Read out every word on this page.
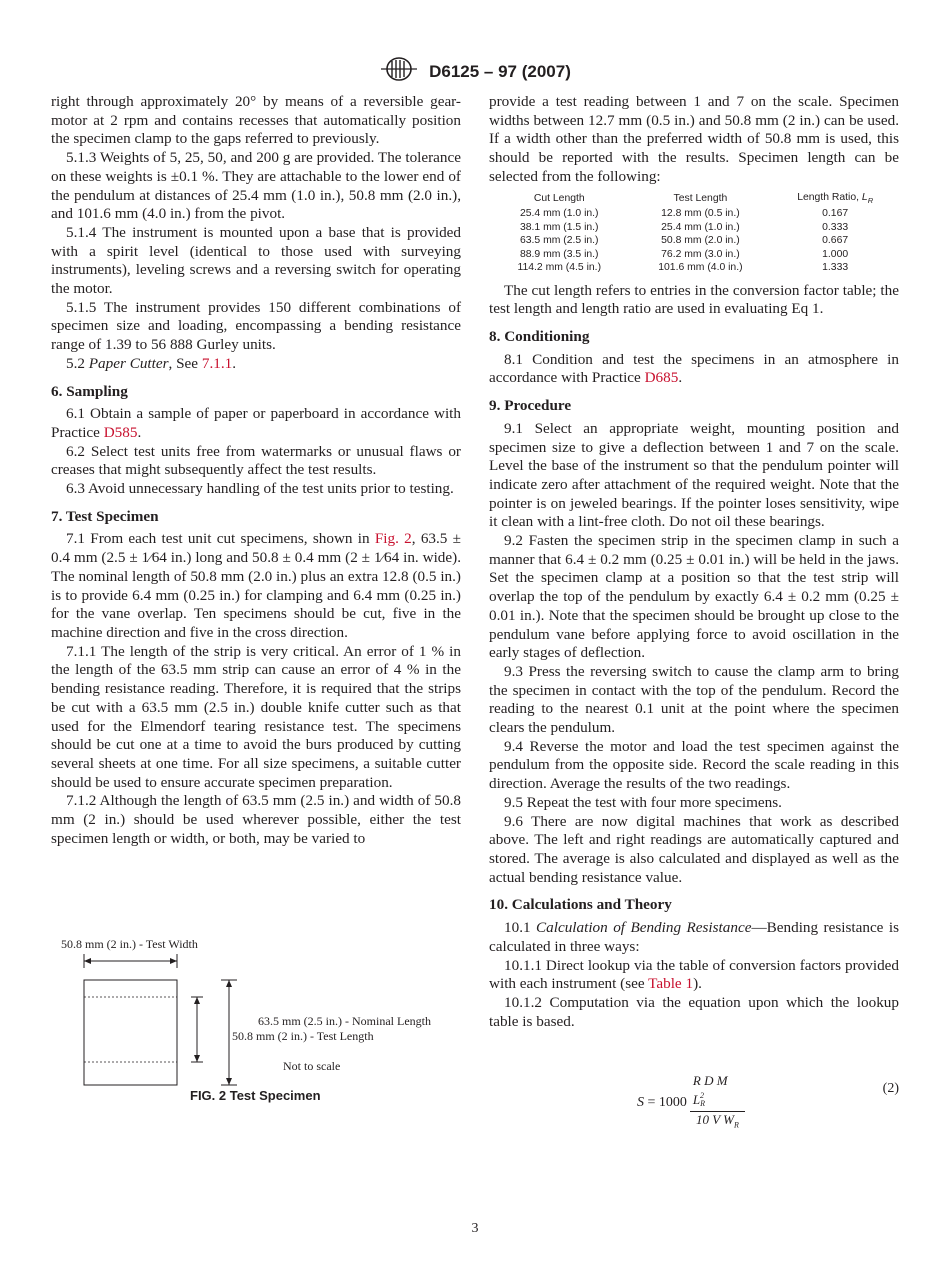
D6125 – 97 (2007)

right through approximately 20° by means of a reversible gear-motor at 2 rpm and contains recesses that automatically position the specimen clamp to the gaps referred to previously.

5.1.3 Weights of 5, 25, 50, and 200 g are provided. The tolerance on these weights is ±0.1 %. They are attachable to the lower end of the pendulum at distances of 25.4 mm (1.0 in.), 50.8 mm (2.0 in.), and 101.6 mm (4.0 in.) from the pivot.

5.1.4 The instrument is mounted upon a base that is provided with a spirit level (identical to those used with surveying instruments), leveling screws and a reversing switch for operating the motor.

5.1.5 The instrument provides 150 different combinations of specimen size and loading, encompassing a bending resistance range of 1.39 to 56 888 Gurley units.

5.2 Paper Cutter, See 7.1.1.

6. Sampling

6.1 Obtain a sample of paper or paperboard in accordance with Practice D585.

6.2 Select test units free from watermarks or unusual flaws or creases that might subsequently affect the test results.

6.3 Avoid unnecessary handling of the test units prior to testing.

7. Test Specimen

7.1 From each test unit cut specimens, shown in Fig. 2, 63.5 ± 0.4 mm (2.5 ± 1⁄64 in.) long and 50.8 ± 0.4 mm (2 ± 1⁄64 in. wide). The nominal length of 50.8 mm (2.0 in.) plus an extra 12.8 (0.5 in.) is to provide 6.4 mm (0.25 in.) for clamping and 6.4 mm (0.25 in.) for the vane overlap. Ten specimens should be cut, five in the machine direction and five in the cross direction.

7.1.1 The length of the strip is very critical. An error of 1 % in the length of the 63.5 mm strip can cause an error of 4 % in the bending resistance reading. Therefore, it is required that the strips be cut with a 63.5 mm (2.5 in.) double knife cutter such as that used for the Elmendorf tearing resistance test. The specimens should be cut one at a time to avoid the burs produced by cutting several sheets at one time. For all size specimens, a suitable cutter should be used to ensure accurate specimen preparation.

7.1.2 Although the length of 63.5 mm (2.5 in.) and width of 50.8 mm (2 in.) should be used wherever possible, either the test specimen length or width, or both, may be varied to

50.8 mm (2 in.) - Test Width
63.5 mm (2.5 in.) - Nominal Length
50.8 mm (2 in.) - Test Length
Not to scale
FIG. 2 Test Specimen

provide a test reading between 1 and 7 on the scale. Specimen widths between 12.7 mm (0.5 in.) and 50.8 mm (2 in.) can be used. If a width other than the preferred width of 50.8 mm is used, this should be reported with the results. Specimen length can be selected from the following:

Cut Length	Test Length	Length Ratio, $L_R$
25.4 mm (1.0 in.)	12.8 mm (0.5 in.)	0.167
38.1 mm (1.5 in.)	25.4 mm (1.0 in.)	0.333
63.5 mm (2.5 in.)	50.8 mm (2.0 in.)	0.667
88.9 mm (3.5 in.)	76.2 mm (3.0 in.)	1.000
114.2 mm (4.5 in.)	101.6 mm (4.0 in.)	1.333

The cut length refers to entries in the conversion factor table; the test length and length ratio are used in evaluating Eq 1.

8. Conditioning

8.1 Condition and test the specimens in an atmosphere in accordance with Practice D685.

9. Procedure

9.1 Select an appropriate weight, mounting position and specimen size to give a deflection between 1 and 7 on the scale. Level the base of the instrument so that the pendulum pointer will indicate zero after attachment of the required weight. Note that the pointer is on jeweled bearings. If the pointer loses sensitivity, wipe it clean with a lint-free cloth. Do not oil these bearings.

9.2 Fasten the specimen strip in the specimen clamp in such a manner that 6.4 ± 0.2 mm (0.25 ± 0.01 in.) will be held in the jaws. Set the specimen clamp at a position so that the test strip will overlap the top of the pendulum by exactly 6.4 ± 0.2 mm (0.25 ± 0.01 in.). Note that the specimen should be brought up close to the pendulum vane before applying force to avoid oscillation in the early stages of deflection.

9.3 Press the reversing switch to cause the clamp arm to bring the specimen in contact with the top of the pendulum. Record the reading to the nearest 0.1 unit at the point where the specimen clears the pendulum.

9.4 Reverse the motor and load the test specimen against the pendulum from the opposite side. Record the scale reading in this direction. Average the results of the two readings.

9.5 Repeat the test with four more specimens.

9.6 There are now digital machines that work as described above. The left and right readings are automatically captured and stored. The average is also calculated and displayed as well as the actual bending resistance value.

10. Calculations and Theory

10.1 Calculation of Bending Resistance—Bending resistance is calculated in three ways:

10.1.1 Direct lookup via the table of conversion factors provided with each instrument (see Table 1).

10.1.2 Computation via the equation upon which the lookup table is based.

S = 1000
R D M $L_R^2$
10 V $W_R$
(2)
3
